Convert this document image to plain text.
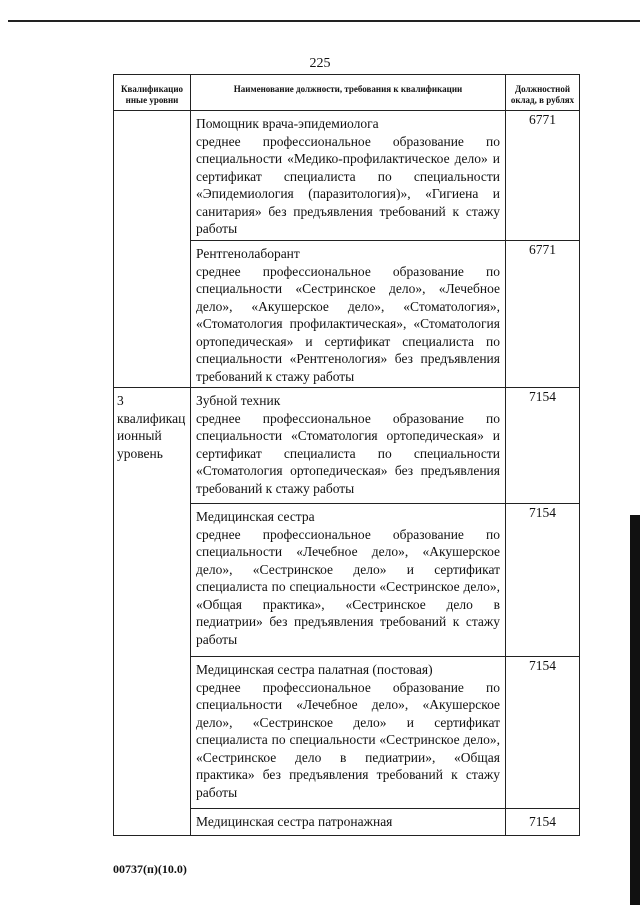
225
Квалификацио нные уровни	Наименование должности, требования к квалификации	Должностной оклад, в рублях

	Помощник врача-эпидемиолога
среднее профессиональное образование по специальности «Медико-профилактическое дело» и сертификат специалиста по специальности «Эпидемиология (паразитология)», «Гигиена и санитария» без предъявления требований к стажу работы	6771

	Рентгенолаборант
среднее профессиональное образование по специальности «Сестринское дело», «Лечебное дело», «Акушерское дело», «Стоматология», «Стоматология профилактическая», «Стоматология ортопедическая» и сертификат специалиста по специальности «Рентгенология» без предъявления требований к стажу работы	6771
3 квалификац ионный уровень	Зубной техник
среднее профессиональное образование по специальности «Стоматология ортопедическая» и сертификат специалиста по специальности «Стоматология ортопедическая» без предъявления требований к стажу работы	7154

	Медицинская сестра
среднее профессиональное образование по специальности «Лечебное дело», «Акушерское дело», «Сестринское дело» и сертификат специалиста по специальности «Сестринское дело», «Общая практика», «Сестринское дело в педиатрии» без предъявления требований к стажу работы	7154

	Медицинская сестра палатная (постовая)
среднее профессиональное образование по специальности «Лечебное дело», «Акушерское дело», «Сестринское дело» и сертификат специалиста по специальности «Сестринское дело», «Сестринское дело в педиатрии», «Общая практика» без предъявления требований к стажу работы	7154

	Медицинская сестра патронажная	7154
00737(п)(10.0)
